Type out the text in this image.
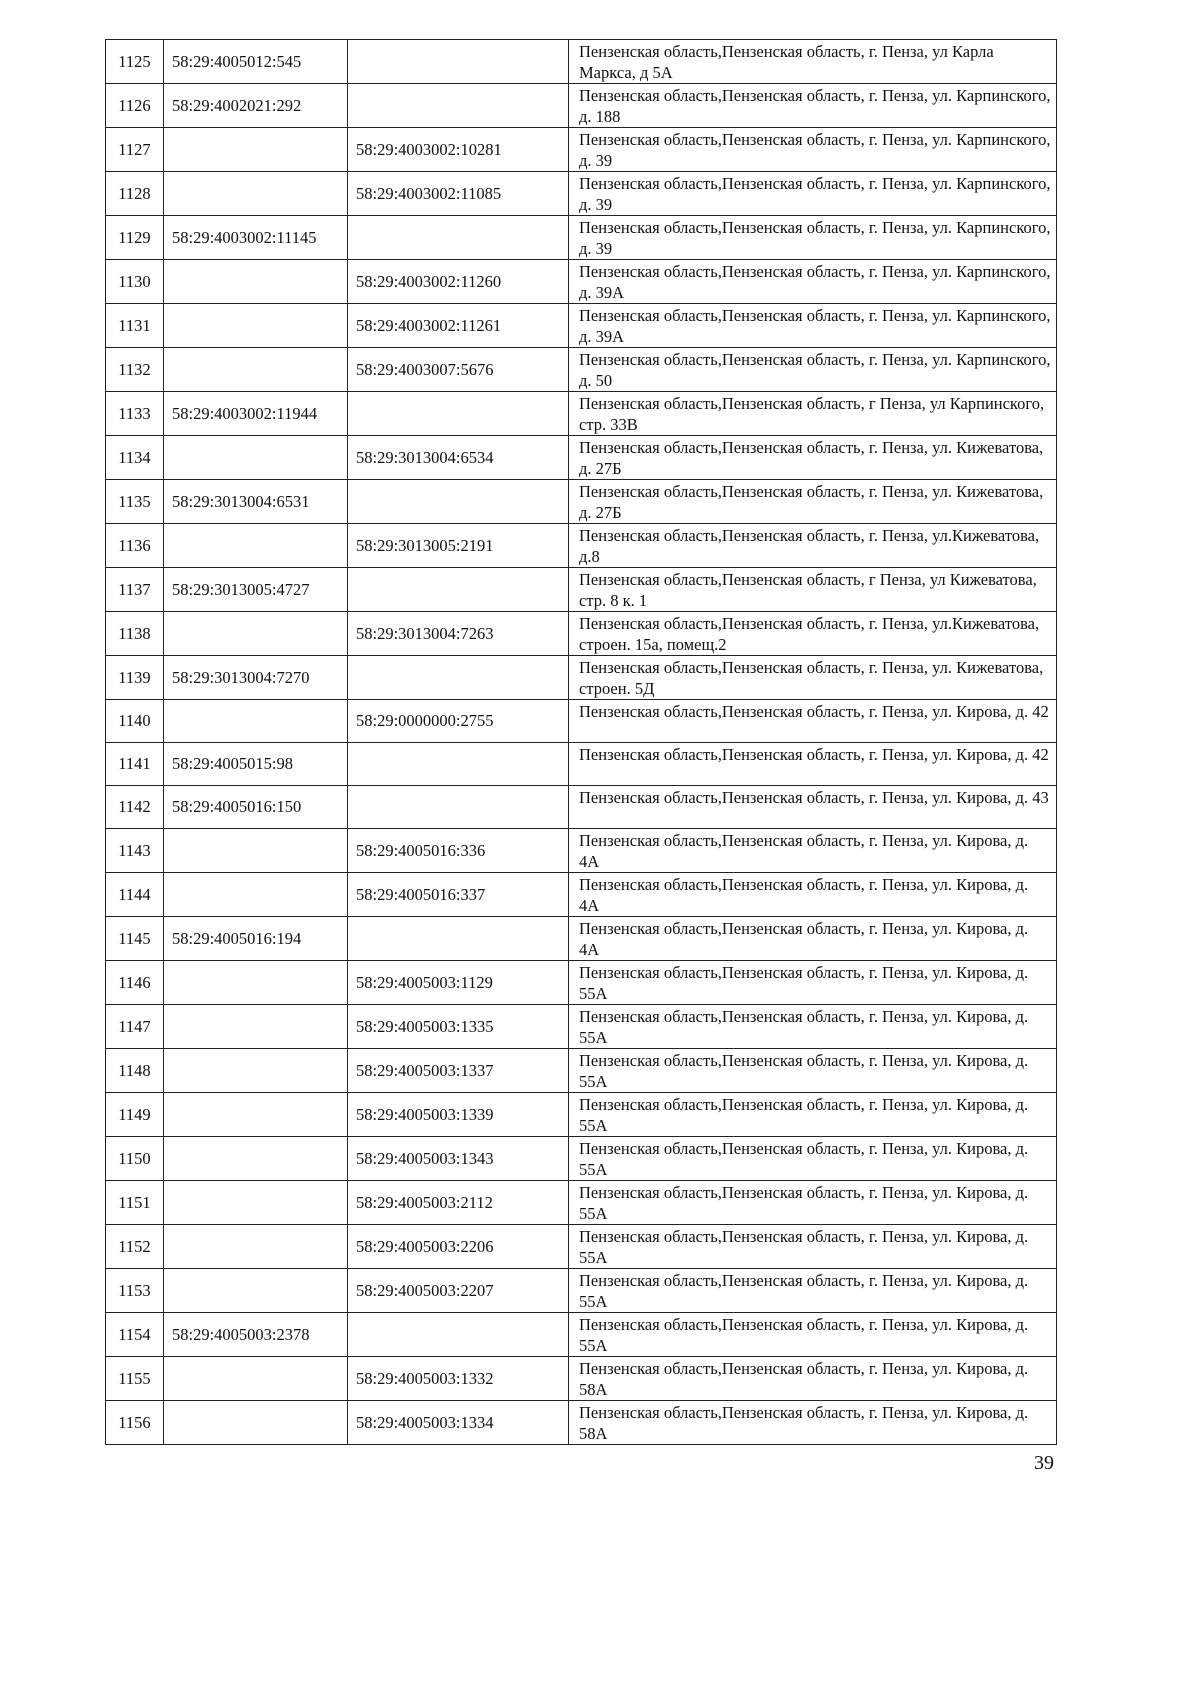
1125	58:29:4005012:545		Пензенская область,Пензенская область, г. Пенза, ул Карла Маркса, д 5А
1126	58:29:4002021:292		Пензенская область,Пензенская область, г. Пенза, ул. Карпинского, д. 188
1127		58:29:4003002:10281	Пензенская область,Пензенская область, г. Пенза, ул. Карпинского, д. 39
1128		58:29:4003002:11085	Пензенская область,Пензенская область, г. Пенза, ул. Карпинского, д. 39
1129	58:29:4003002:11145		Пензенская область,Пензенская область, г. Пенза, ул. Карпинского, д. 39
1130		58:29:4003002:11260	Пензенская область,Пензенская область, г. Пенза, ул. Карпинского, д. 39А
1131		58:29:4003002:11261	Пензенская область,Пензенская область, г. Пенза, ул. Карпинского, д. 39А
1132		58:29:4003007:5676	Пензенская область,Пензенская область, г. Пенза, ул. Карпинского, д. 50
1133	58:29:4003002:11944		Пензенская область,Пензенская область, г Пенза, ул Карпинского, стр. 33В
1134		58:29:3013004:6534	Пензенская область,Пензенская область, г. Пенза, ул. Кижеватова, д. 27Б
1135	58:29:3013004:6531		Пензенская область,Пензенская область, г. Пенза, ул. Кижеватова, д. 27Б
1136		58:29:3013005:2191	Пензенская область,Пензенская область, г. Пенза, ул.Кижеватова, д.8
1137	58:29:3013005:4727		Пензенская область,Пензенская область, г Пенза, ул Кижеватова, стр. 8 к. 1
1138		58:29:3013004:7263	Пензенская область,Пензенская область, г. Пенза, ул.Кижеватова, строен. 15а, помещ.2
1139	58:29:3013004:7270		Пензенская область,Пензенская область, г. Пенза, ул. Кижеватова, строен. 5Д
1140		58:29:0000000:2755	Пензенская область,Пензенская область, г. Пенза, ул. Кирова, д. 42
1141	58:29:4005015:98		Пензенская область,Пензенская область, г. Пенза, ул. Кирова, д. 42
1142	58:29:4005016:150		Пензенская область,Пензенская область, г. Пенза, ул. Кирова, д. 43
1143		58:29:4005016:336	Пензенская область,Пензенская область, г. Пенза, ул. Кирова, д. 4А
1144		58:29:4005016:337	Пензенская область,Пензенская область, г. Пенза, ул. Кирова, д. 4А
1145	58:29:4005016:194		Пензенская область,Пензенская область, г. Пенза, ул. Кирова, д. 4А
1146		58:29:4005003:1129	Пензенская область,Пензенская область, г. Пенза, ул. Кирова, д. 55А
1147		58:29:4005003:1335	Пензенская область,Пензенская область, г. Пенза, ул. Кирова, д. 55А
1148		58:29:4005003:1337	Пензенская область,Пензенская область, г. Пенза, ул. Кирова, д. 55А
1149		58:29:4005003:1339	Пензенская область,Пензенская область, г. Пенза, ул. Кирова, д. 55А
1150		58:29:4005003:1343	Пензенская область,Пензенская область, г. Пенза, ул. Кирова, д. 55А
1151		58:29:4005003:2112	Пензенская область,Пензенская область, г. Пенза, ул. Кирова, д. 55А
1152		58:29:4005003:2206	Пензенская область,Пензенская область, г. Пенза, ул. Кирова, д. 55А
1153		58:29:4005003:2207	Пензенская область,Пензенская область, г. Пенза, ул. Кирова, д. 55А
1154	58:29:4005003:2378		Пензенская область,Пензенская область, г. Пенза, ул. Кирова, д. 55А
1155		58:29:4005003:1332	Пензенская область,Пензенская область, г. Пенза, ул. Кирова, д. 58А
1156		58:29:4005003:1334	Пензенская область,Пензенская область, г. Пенза, ул. Кирова, д. 58А
39
